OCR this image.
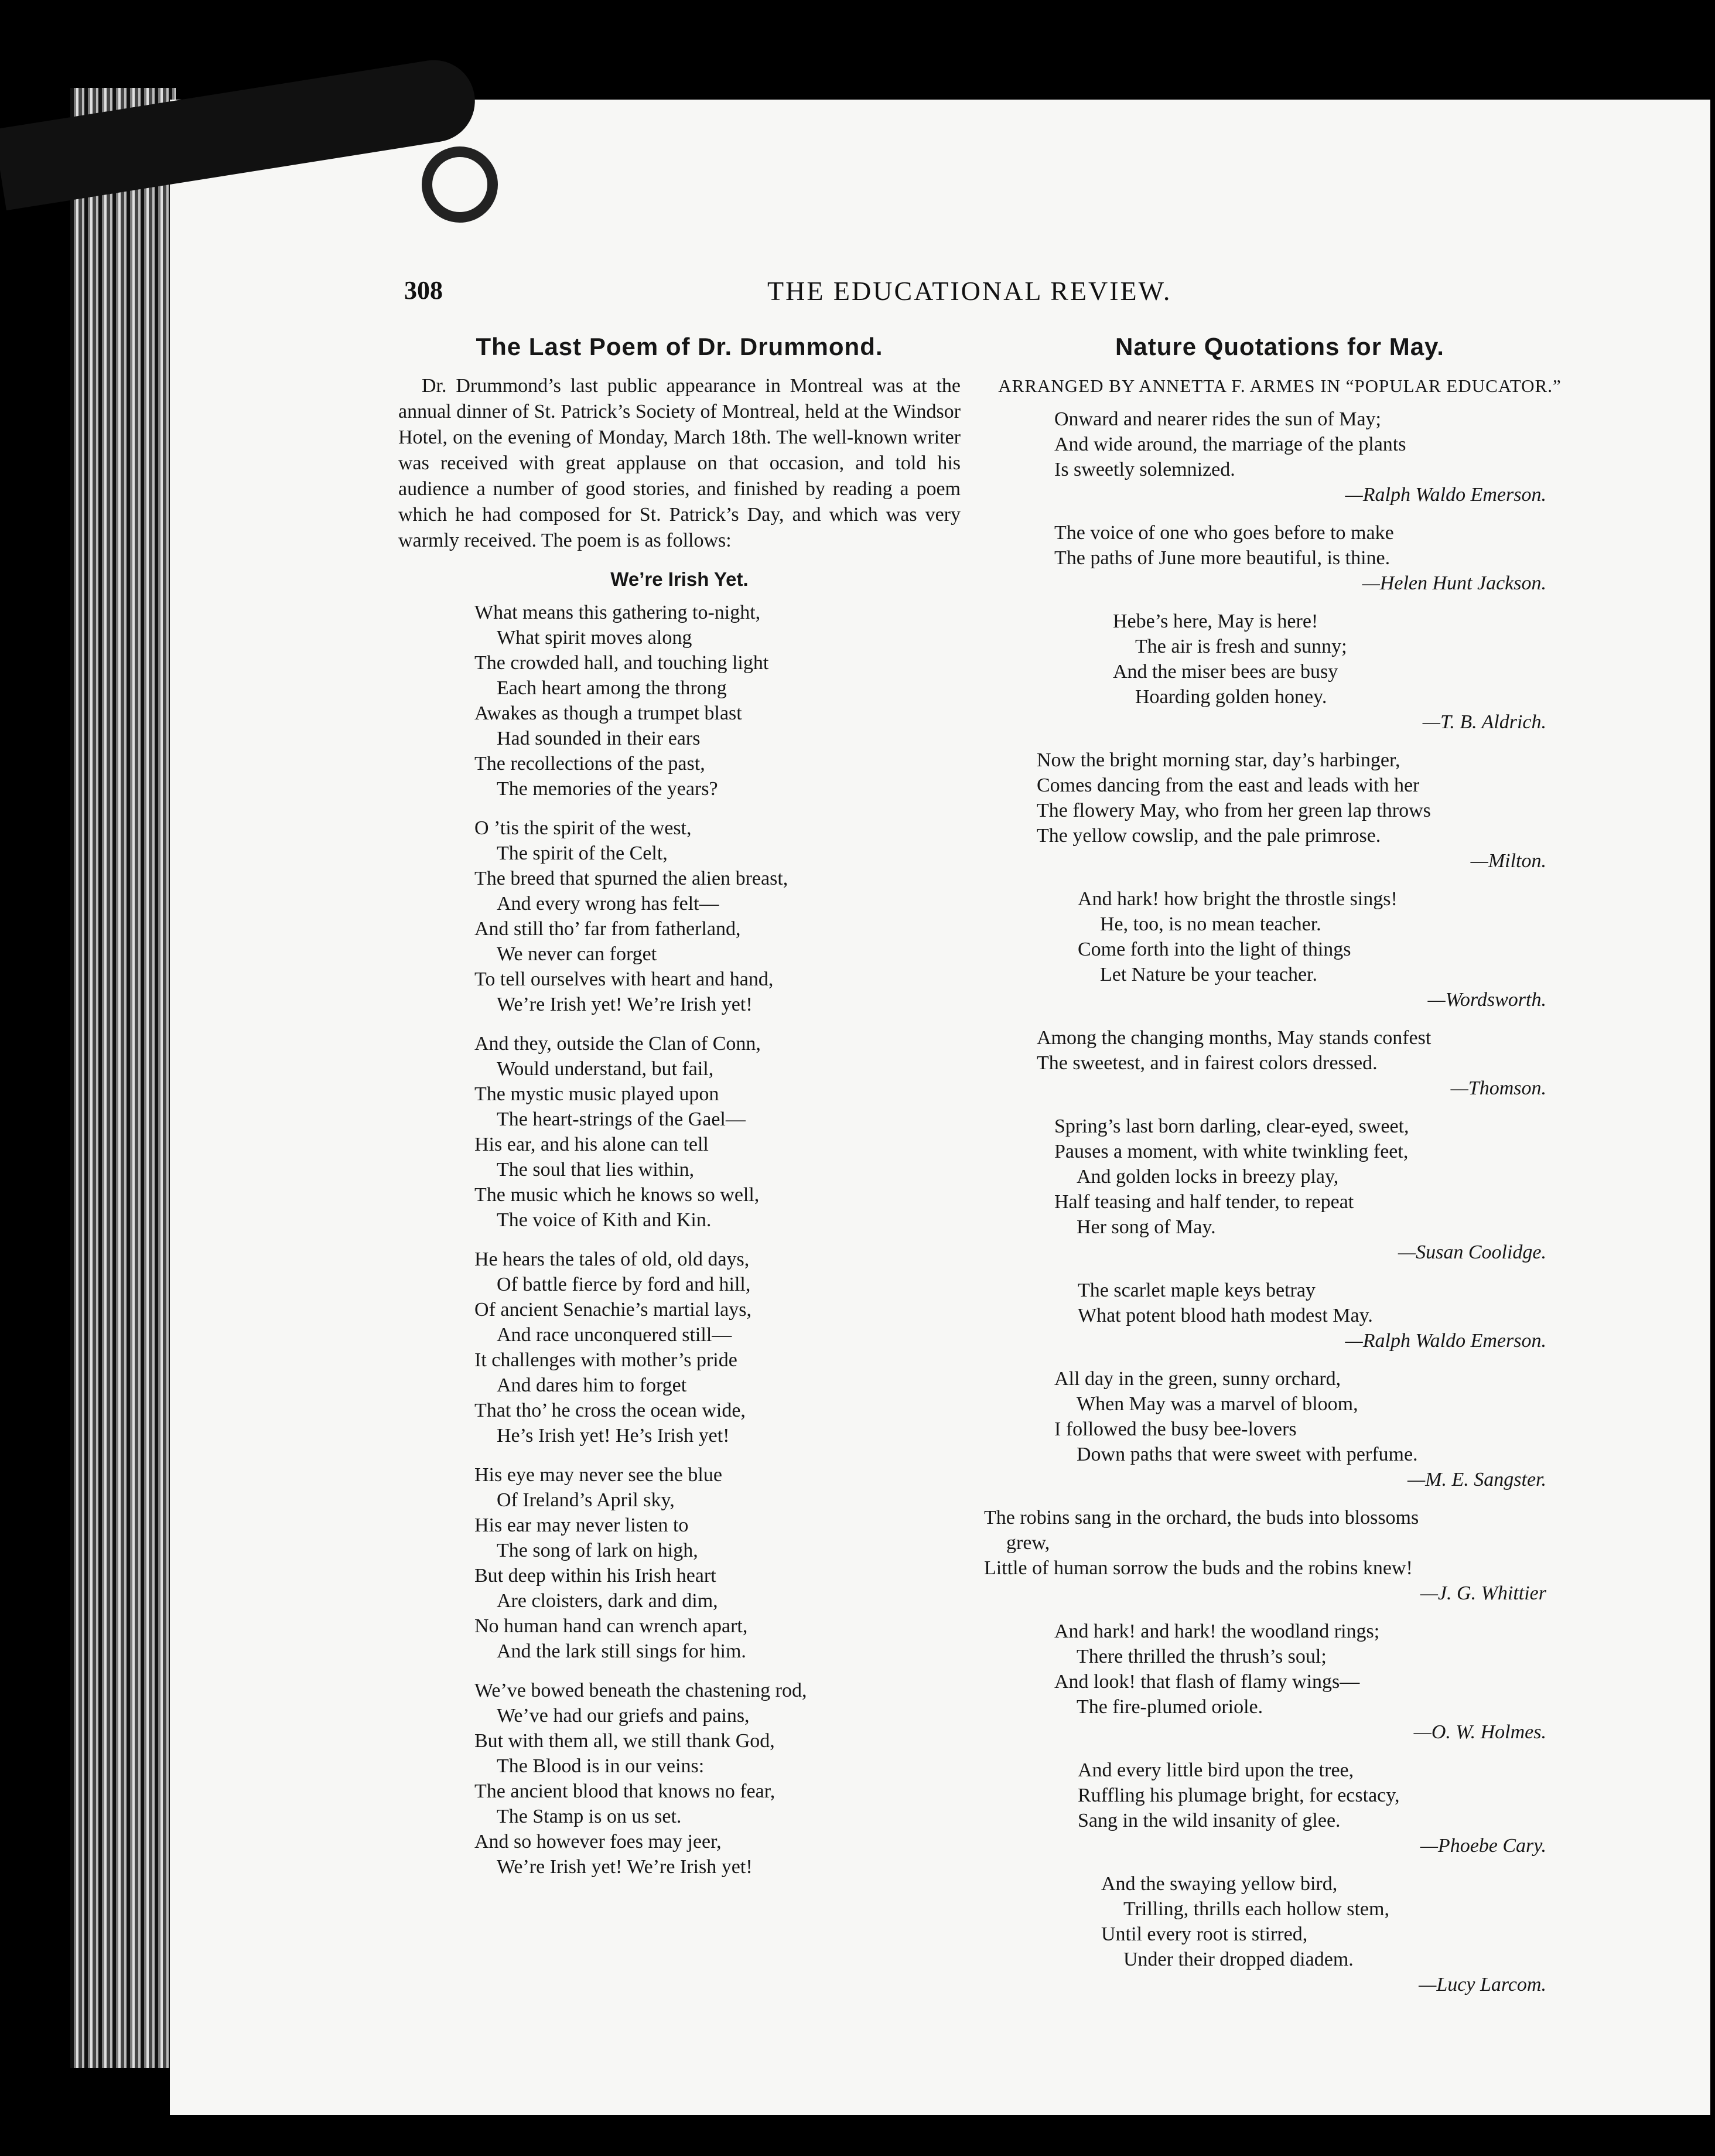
308	THE EDUCATIONAL REVIEW.
The Last Poem of Dr. Drummond.

Dr. Drummond’s last public appearance in Montreal was at the annual dinner of St. Patrick’s Society of Montreal, held at the Windsor Hotel, on the evening of Monday, March 18th. The well-known writer was received with great applause on that occasion, and told his audience a number of good stories, and finished by reading a poem which he had composed for St. Patrick’s Day, and which was very warmly received. The poem is as follows:

We’re Irish Yet.
What means this gathering to-night,
What spirit moves along
The crowded hall, and touching light
Each heart among the throng
Awakes as though a trumpet blast
Had sounded in their ears
The recollections of the past,
The memories of the years?
O ’tis the spirit of the west,
The spirit of the Celt,
The breed that spurned the alien breast,
And every wrong has felt—
And still tho’ far from fatherland,
We never can forget
To tell ourselves with heart and hand,
We’re Irish yet! We’re Irish yet!
And they, outside the Clan of Conn,
Would understand, but fail,
The mystic music played upon
The heart-strings of the Gael—
His ear, and his alone can tell
The soul that lies within,
The music which he knows so well,
The voice of Kith and Kin.
He hears the tales of old, old days,
Of battle fierce by ford and hill,
Of ancient Senachie’s martial lays,
And race unconquered still—
It challenges with mother’s pride
And dares him to forget
That tho’ he cross the ocean wide,
He’s Irish yet! He’s Irish yet!
His eye may never see the blue
Of Ireland’s April sky,
His ear may never listen to
The song of lark on high,
But deep within his Irish heart
Are cloisters, dark and dim,
No human hand can wrench apart,
And the lark still sings for him.
We’ve bowed beneath the chastening rod,
We’ve had our griefs and pains,
But with them all, we still thank God,
The Blood is in our veins:
The ancient blood that knows no fear,
The Stamp is on us set.
And so however foes may jeer,
We’re Irish yet! We’re Irish yet!
Nature Quotations for May.
ARRANGED BY ANNETTA F. ARMES IN “POPULAR EDUCATOR.”
Onward and nearer rides the sun of May;
And wide around, the marriage of the plants
Is sweetly solemnized.
—Ralph Waldo Emerson.
The voice of one who goes before to make
The paths of June more beautiful, is thine.
—Helen Hunt Jackson.
Hebe’s here, May is here!
The air is fresh and sunny;
And the miser bees are busy
Hoarding golden honey.
—T. B. Aldrich.
Now the bright morning star, day’s harbinger,
Comes dancing from the east and leads with her
The flowery May, who from her green lap throws
The yellow cowslip, and the pale primrose.
—Milton.
And hark! how bright the throstle sings!
He, too, is no mean teacher.
Come forth into the light of things
Let Nature be your teacher.
—Wordsworth.
Among the changing months, May stands confest
The sweetest, and in fairest colors dressed.
—Thomson.
Spring’s last born darling, clear-eyed, sweet,
Pauses a moment, with white twinkling feet,
And golden locks in breezy play,
Half teasing and half tender, to repeat
Her song of May.
—Susan Coolidge.
The scarlet maple keys betray
What potent blood hath modest May.
—Ralph Waldo Emerson.
All day in the green, sunny orchard,
When May was a marvel of bloom,
I followed the busy bee-lovers
Down paths that were sweet with perfume.
—M. E. Sangster.
The robins sang in the orchard, the buds into blossoms
grew,
Little of human sorrow the buds and the robins knew!
—J. G. Whittier
And hark! and hark! the woodland rings;
There thrilled the thrush’s soul;
And look! that flash of flamy wings—
The fire-plumed oriole.
—O. W. Holmes.
And every little bird upon the tree,
Ruffling his plumage bright, for ecstacy,
Sang in the wild insanity of glee.
—Phoebe Cary.
And the swaying yellow bird,
Trilling, thrills each hollow stem,
Until every root is stirred,
Under their dropped diadem.
—Lucy Larcom.
